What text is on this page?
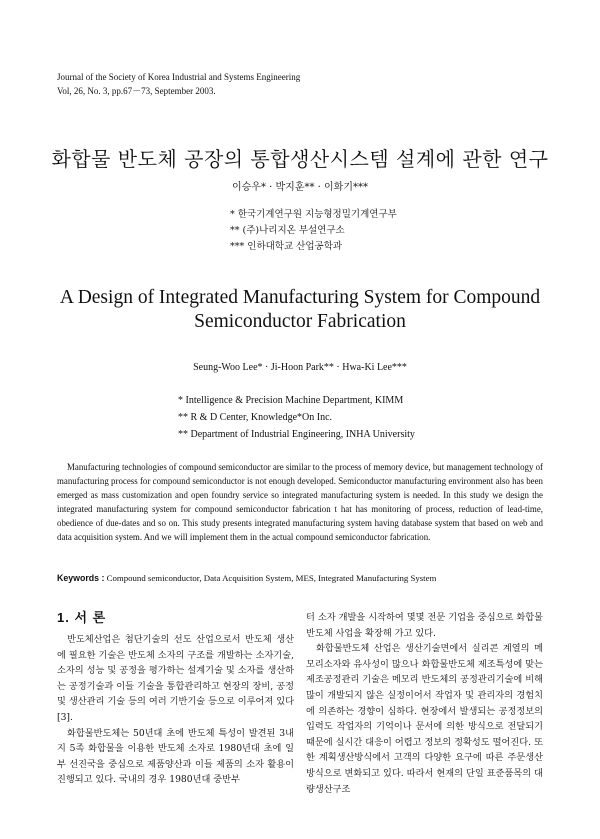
Journal of the Society of Korea Industrial and Systems Engineering
Vol, 26, No. 3, pp.67－73, September 2003.
화합물 반도체 공장의 통합생산시스템 설계에 관한 연구
이승우* · 박지훈** · 이화기***
* 한국기계연구원 지능형정밀기계연구부
** (주)나리지온 부설연구소
*** 인하대학교 산업공학과
A Design of Integrated Manufacturing System for Compound
Semiconductor Fabrication
Seung-Woo Lee* · Ji-Hoon Park** · Hwa-Ki Lee***
* Intelligence & Precision Machine Department, KIMM
** R & D Center, Knowledge*On Inc.
** Department of Industrial Engineering, INHA University
Manufacturing technologies of compound semiconductor are similar to the process of memory device, but management technology of manufacturing process for compound semiconductor is not enough developed. Semiconductor manufacturing environment also has been emerged as mass customization and open foundry service so integrated manufacturing system is needed. In this study we design the integrated manufacturing system for compound semiconductor fabrication t hat has monitoring of process, reduction of lead-time, obedience of due-dates and so on. This study presents integrated manufacturing system having database system that based on web and data acquisition system. And we will implement them in the actual compound semiconductor fabrication.
Keywords : Compound semiconductor, Data Acquisition System, MES, Integrated Manufacturing System
1. 서 론

반도체산업은 첨단기술의 선도 산업으로서 반도체 생산에 필요한 기술은 반도체 소자의 구조를 개발하는 소자기술, 소자의 성능 및 공정을 평가하는 설계기술 및 소자를 생산하는 공정기술과 이들 기술을 통합관리하고 현장의 장비, 공정 및 생산관리 기술 등의 여러 기반기술 등으로 이루어져 있다[3].

화합물반도체는 50년대 초에 반도체 특성이 발견된 3내지 5족 화합물을 이용한 반도체 소자로 1980년대 초에 일부 선진국을 중심으로 제품양산과 이들 제품의 소자 활용이 진행되고 있다. 국내의 경우 1980년대 중반부

터 소자 개발을 시작하여 몇몇 전문 기업을 중심으로 화합물반도체 사업을 확장해 가고 있다.

화합물반도체 산업은 생산기술면에서 실리콘 계열의 메모리소자와 유사성이 많으나 화합물반도체 제조특성에 맞는 제조공정관리 기술은 메모리 반도체의 공정관리기술에 비해 많이 개발되지 않은 실정이어서 작업자 및 관리자의 경험치에 의존하는 경향이 심하다. 현장에서 발생되는 공정정보의 입력도 작업자의 기억이나 문서에 의한 방식으로 전달되기 때문에 실시간 대응이 어렵고 정보의 정확성도 떨어진다. 또한 계획생산방식에서 고객의 다양한 요구에 따른 주문생산 방식으로 변화되고 있다. 따라서 현재의 단일 표준품목의 대량생산구조
